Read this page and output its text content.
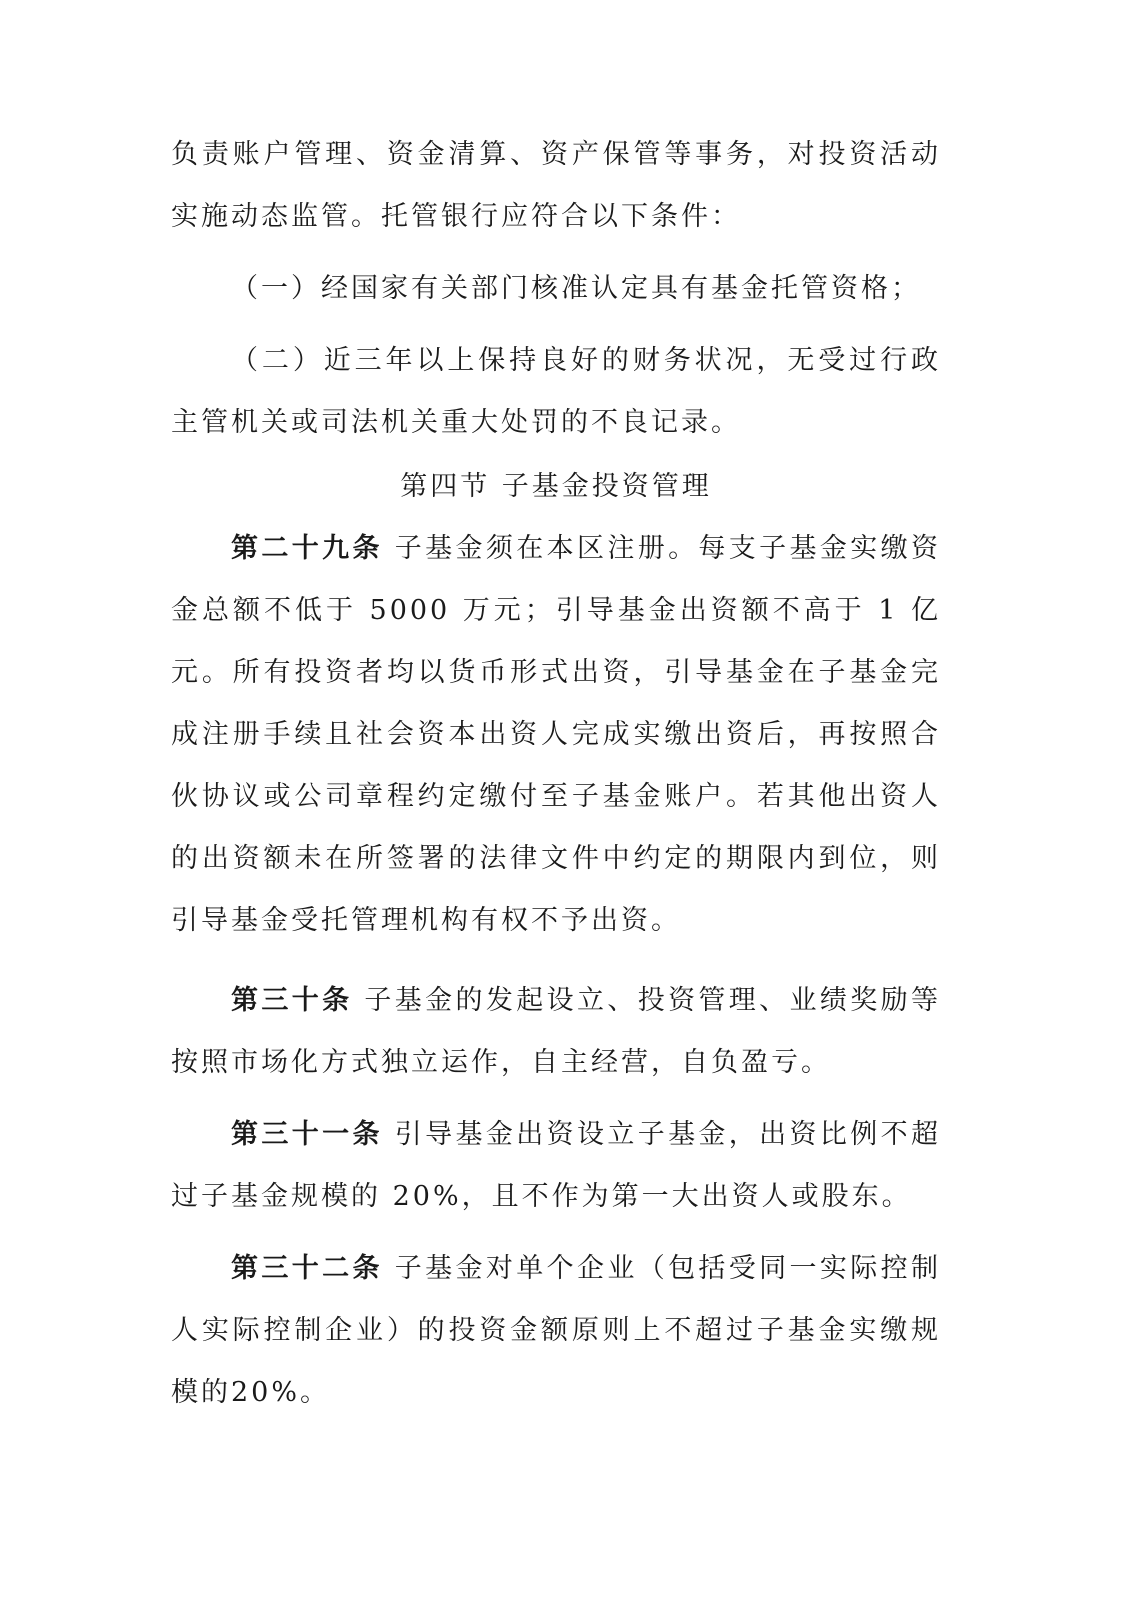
负责账户管理、资金清算、资产保管等事务，对投资活动实施动态监管。托管银行应符合以下条件：

（一）经国家有关部门核准认定具有基金托管资格；

（二）近三年以上保持良好的财务状况，无受过行政主管机关或司法机关重大处罚的不良记录。

第四节 子基金投资管理

第二十九条 子基金须在本区注册。每支子基金实缴资金总额不低于 5000 万元；引导基金出资额不高于 1 亿元。所有投资者均以货币形式出资，引导基金在子基金完成注册手续且社会资本出资人完成实缴出资后，再按照合伙协议或公司章程约定缴付至子基金账户。若其他出资人的出资额未在所签署的法律文件中约定的期限内到位，则引导基金受托管理机构有权不予出资。

第三十条 子基金的发起设立、投资管理、业绩奖励等按照市场化方式独立运作，自主经营，自负盈亏。

第三十一条 引导基金出资设立子基金，出资比例不超过子基金规模的 20%，且不作为第一大出资人或股东。

第三十二条 子基金对单个企业（包括受同一实际控制人实际控制企业）的投资金额原则上不超过子基金实缴规模的20%。
